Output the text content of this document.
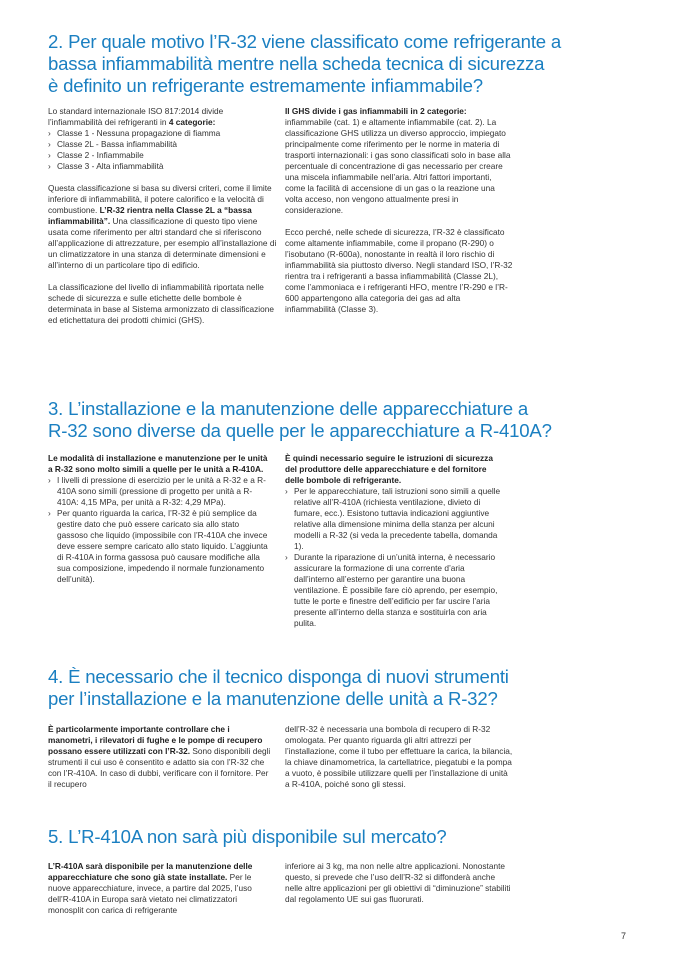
2. Per quale motivo l’R-32 viene classificato come refrigerante a
bassa infiammabilità mentre nella scheda tecnica di sicurezza
è definito un refrigerante estremamente infiammabile?

Lo standard internazionale ISO 817:2014 divide l’infiammabilità dei refrigeranti in 4 categorie:

› Classe 1 - Nessuna propagazione di fiamma
› Classe 2L - Bassa infiammabilità
› Classe 2 - Infiammabile
› Classe 3 - Alta infiammabilità

Questa classificazione si basa su diversi criteri, come il limite inferiore di infiammabilità, il potere calorifico e la velocità di combustione. L’R-32 rientra nella Classe 2L a “bassa infiammabilità”. Una classificazione di questo tipo viene usata come riferimento per altri standard che si riferiscono all’applicazione di attrezzature, per esempio all’installazione di un climatizzatore in una stanza di determinate dimensioni e all’interno di un particolare tipo di edificio.

La classificazione del livello di infiammabilità riportata nelle schede di sicurezza e sulle etichette delle bombole è determinata in base al Sistema armonizzato di classificazione ed etichettatura dei prodotti chimici (GHS).

Il GHS divide i gas infiammabili in 2 categorie:
infiammabile (cat. 1) e altamente infiammabile (cat. 2). La classificazione GHS utilizza un diverso approccio, impiegato principalmente come riferimento per le norme in materia di trasporti internazionali: i gas sono classificati solo in base alla percentuale di concentrazione di gas necessario per creare una miscela infiammabile nell’aria. Altri fattori importanti, come la facilità di accensione di un gas o la reazione una volta acceso, non vengono attualmente presi in considerazione.

Ecco perché, nelle schede di sicurezza, l’R-32 è classificato come altamente infiammabile, come il propano (R-290) o l’isobutano (R-600a), nonostante in realtà il loro rischio di infiammabilità sia piuttosto diverso. Negli standard ISO, l’R-32 rientra tra i refrigeranti a bassa infiammabilità (Classe 2L), come l’ammoniaca e i refrigeranti HFO, mentre l’R-290 e l’R-600 appartengono alla categoria dei gas ad alta infiammabilità (Classe 3).

3. L’installazione e la manutenzione delle apparecchiature a
R-32 sono diverse da quelle per le apparecchiature a R-410A?

Le modalità di installazione e manutenzione per le unità a R-32 sono molto simili a quelle per le unità a R-410A.

› I livelli di pressione di esercizio per le unità a R-32 e a R-410A sono simili (pressione di progetto per unità a R-410A: 4,15 MPa, per unità a R-32: 4,29 MPa).
› Per quanto riguarda la carica, l’R-32 è più semplice da gestire dato che può essere caricato sia allo stato gassoso che liquido (impossibile con l’R-410A che invece deve essere sempre caricato allo stato liquido. L’aggiunta di R-410A in forma gassosa può causare modifiche alla sua composizione, impedendo il normale funzionamento dell’unità).

È quindi necessario seguire le istruzioni di sicurezza del produttore delle apparecchiature e del fornitore delle bombole di refrigerante.

› Per le apparecchiature, tali istruzioni sono simili a quelle relative all’R-410A (richiesta ventilazione, divieto di fumare, ecc.). Esistono tuttavia indicazioni aggiuntive relative alla dimensione minima della stanza per alcuni modelli a R-32 (si veda la precedente tabella, domanda 1).
› Durante la riparazione di un’unità interna, è necessario assicurare la formazione di una corrente d’aria dall’interno all’esterno per garantire una buona ventilazione. È possibile fare ciò aprendo, per esempio, tutte le porte e finestre dell’edificio per far uscire l’aria presente all’interno della stanza e sostituirla con aria pulita.
4. È necessario che il tecnico disponga di nuovi strumenti
per l’installazione e la manutenzione delle unità a R-32?

È particolarmente importante controllare che i manometri, i rilevatori di fughe e le pompe di recupero possano essere utilizzati con l’R-32. Sono disponibili degli strumenti il cui uso è consentito e adatto sia con l’R-32 che con l’R-410A. In caso di dubbi, verificare con il fornitore. Per il recupero

dell’R-32 è necessaria una bombola di recupero di R-32 omologata. Per quanto riguarda gli altri attrezzi per l’installazione, come il tubo per effettuare la carica, la bilancia, la chiave dinamometrica, la cartellatrice, piegatubi e la pompa a vuoto, è possibile utilizzare quelli per l’installazione di unità a R-410A, poiché sono gli stessi.

5. L’R-410A non sarà più disponibile sul mercato?

L’R-410A sarà disponibile per la manutenzione delle apparecchiature che sono già state installate. Per le nuove apparecchiature, invece, a partire dal 2025, l’uso dell’R-410A in Europa sarà vietato nei climatizzatori monosplit con carica di refrigerante

inferiore ai 3 kg, ma non nelle altre applicazioni. Nonostante questo, si prevede che l’uso dell’R-32 si diffonderà anche nelle altre applicazioni per gli obiettivi di “diminuzione” stabiliti dal regolamento UE sui gas fluorurati.

7
